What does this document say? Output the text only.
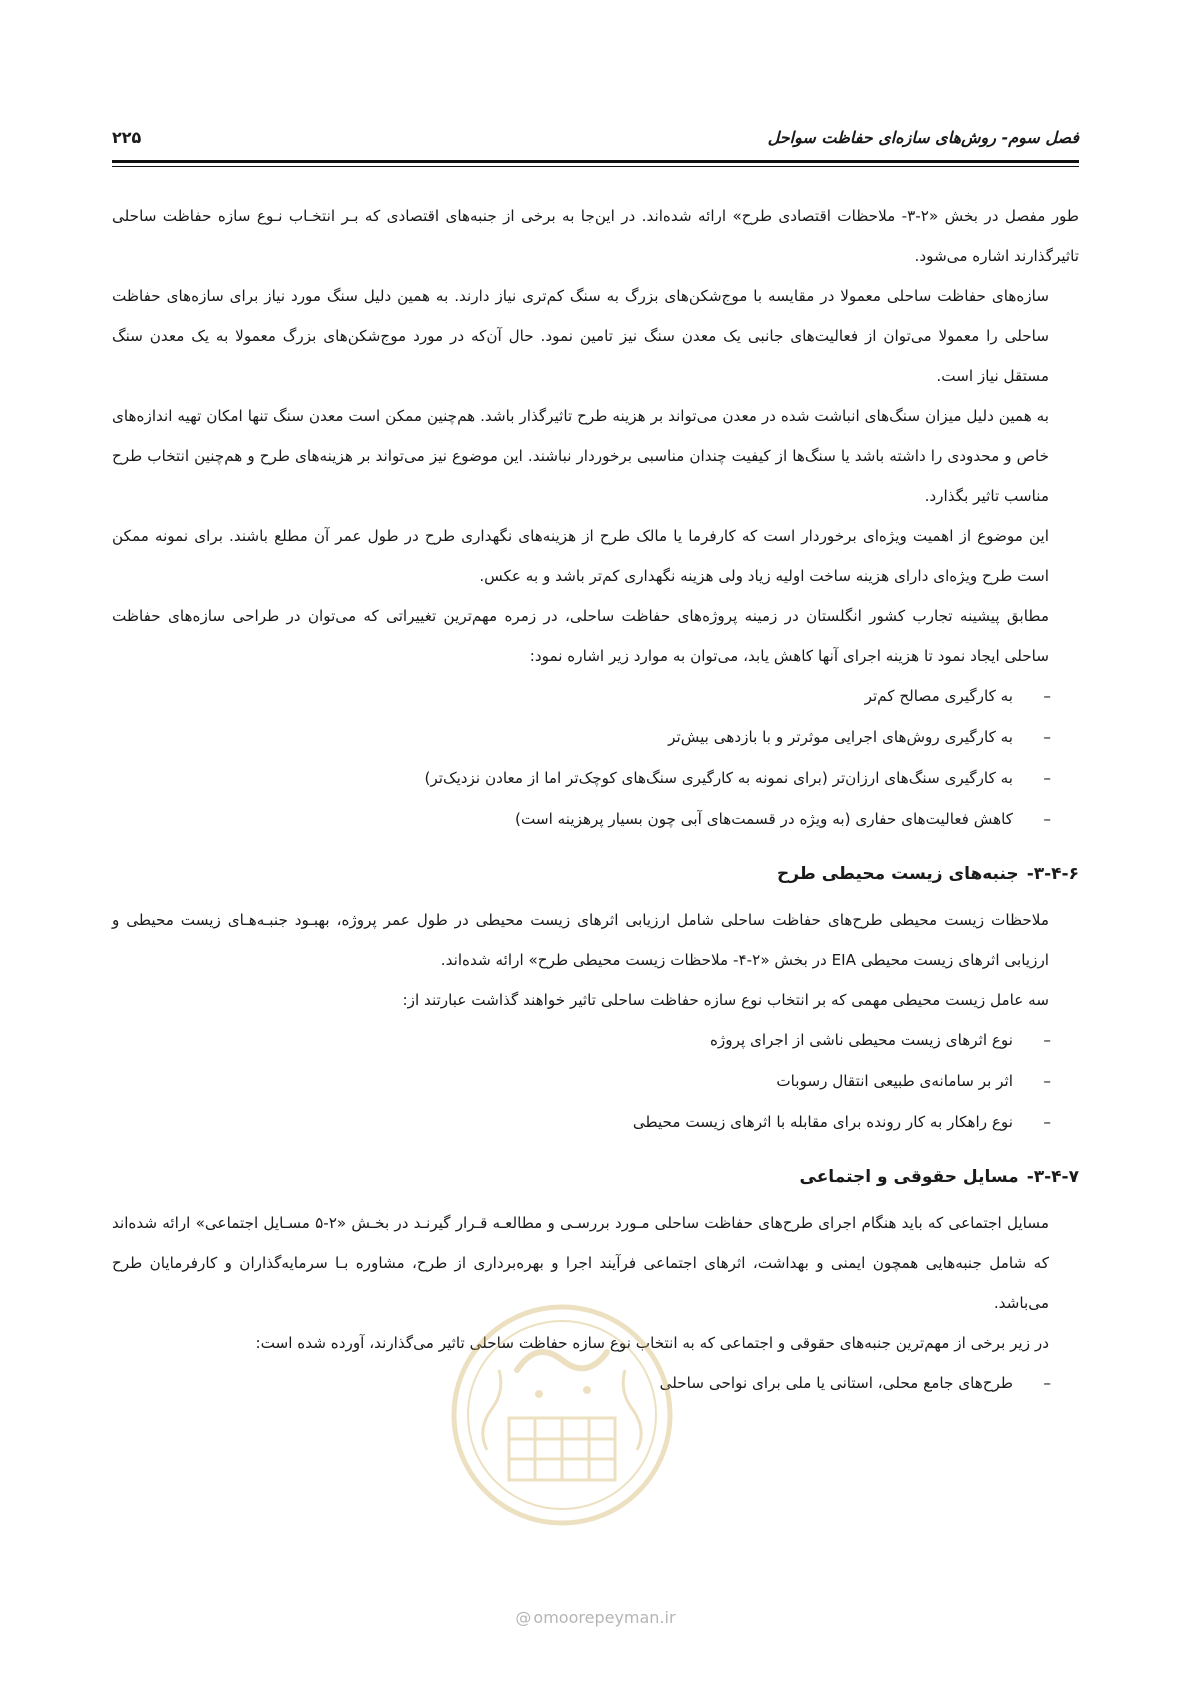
فصل سوم- روش‌های سازه‌ای حفاظت سواحل
۲۲۵

طور مفصل در بخش «۲-۳- ملاحظات اقتصادی طرح» ارائه شده‌اند. در این‌جا به برخی از جنبه‌های اقتصادی که بـر انتخـاب نـوع سازه حفاظت ساحلی تاثیرگذارند اشاره می‌شود.

سازه‌های حفاظت ساحلی معمولا در مقایسه با موج‌شکن‌های بزرگ به سنگ کم‌تری نیاز دارند. به همین دلیل سنگ مورد نیاز برای سازه‌های حفاظت ساحلی را معمولا می‌توان از فعالیت‌های جانبی یک معدن سنگ نیز تامین نمود. حال آن‌که در مورد موج‌شکن‌های بزرگ معمولا به یک معدن سنگ مستقل نیاز است.

به همین دلیل میزان سنگ‌های انباشت شده در معدن می‌تواند بر هزینه طرح تاثیرگذار باشد. هم‌چنین ممکن است معدن سنگ تنها امکان تهیه اندازه‌های خاص و محدودی را داشته باشد یا سنگ‌ها از کیفیت چندان مناسبی برخوردار نباشند. این موضوع نیز می‌تواند بر هزینه‌های طرح و هم‌چنین انتخاب طرح مناسب تاثیر بگذارد.

این موضوع از اهمیت ویژه‌ای برخوردار است که کارفرما یا مالک طرح از هزینه‌های نگهداری طرح در طول عمر آن مطلع باشند. برای نمونه ممکن است طرح ویژه‌ای دارای هزینه ساخت اولیه زیاد ولی هزینه نگهداری کم‌تر باشد و به عکس.

مطابق پیشینه تجارب کشور انگلستان در زمینه پروژه‌های حفاظت ساحلی، در زمره مهم‌ترین تغییراتی که می‌توان در طراحی سازه‌های حفاظت ساحلی ایجاد نمود تا هزینه اجرای آنها کاهش یابد، می‌توان به موارد زیر اشاره نمود:

–
به کارگیری مصالح کم‌تر
–
به کارگیری روش‌های اجرایی موثرتر و با بازدهی بیش‌تر
–
به کارگیری سنگ‌های ارزان‌تر (برای نمونه به کارگیری سنگ‌های کوچک‌تر اما از معادن نزدیک‌تر)
–
کاهش فعالیت‌های حفاری (به ویژه در قسمت‌های آبی چون بسیار پرهزینه است)
۳-۴-۶-جنبه‌های زیست محیطی طرح

ملاحظات زیست محیطی طرح‌های حفاظت ساحلی شامل ارزیابی اثرهای زیست محیطی در طول عمر پروژه، بهبـود جنبـه‌هـای زیست محیطی و ارزیابی اثرهای زیست محیطی EIA در بخش «۲-۴- ملاحظات زیست محیطی طرح» ارائه شده‌اند.

سه عامل زیست محیطی مهمی که بر انتخاب نوع سازه حفاظت ساحلی تاثیر خواهند گذاشت عبارتند از:

–
نوع اثرهای زیست محیطی ناشی از اجرای پروژه
–
اثر بر سامانه‌ی طبیعی انتقال رسوبات
–
نوع راهکار به کار رونده برای مقابله با اثرهای زیست محیطی
۳-۴-۷-مسایل حقوقی و اجتماعی

مسایل اجتماعی که باید هنگام اجرای طرح‌های حفاظت ساحلی مـورد بررسـی و مطالعـه قـرار گیرنـد در بخـش «۲-۵ مسـایل اجتماعی» ارائه شده‌اند که شامل جنبه‌هایی همچون ایمنی و بهداشت، اثرهای اجتماعی فرآیند اجرا و بهره‌برداری از طرح، مشاوره بـا سرمایه‌گذاران و کارفرمایان طرح می‌باشد.

در زیر برخی از مهم‌ترین جنبه‌های حقوقی و اجتماعی که به انتخاب نوع سازه حفاظت ساحلی تاثیر می‌گذارند، آورده شده است:

–
طرح‌های جامع محلی، استانی یا ملی برای نواحی ساحلی
@ omoorepeyman.ir
